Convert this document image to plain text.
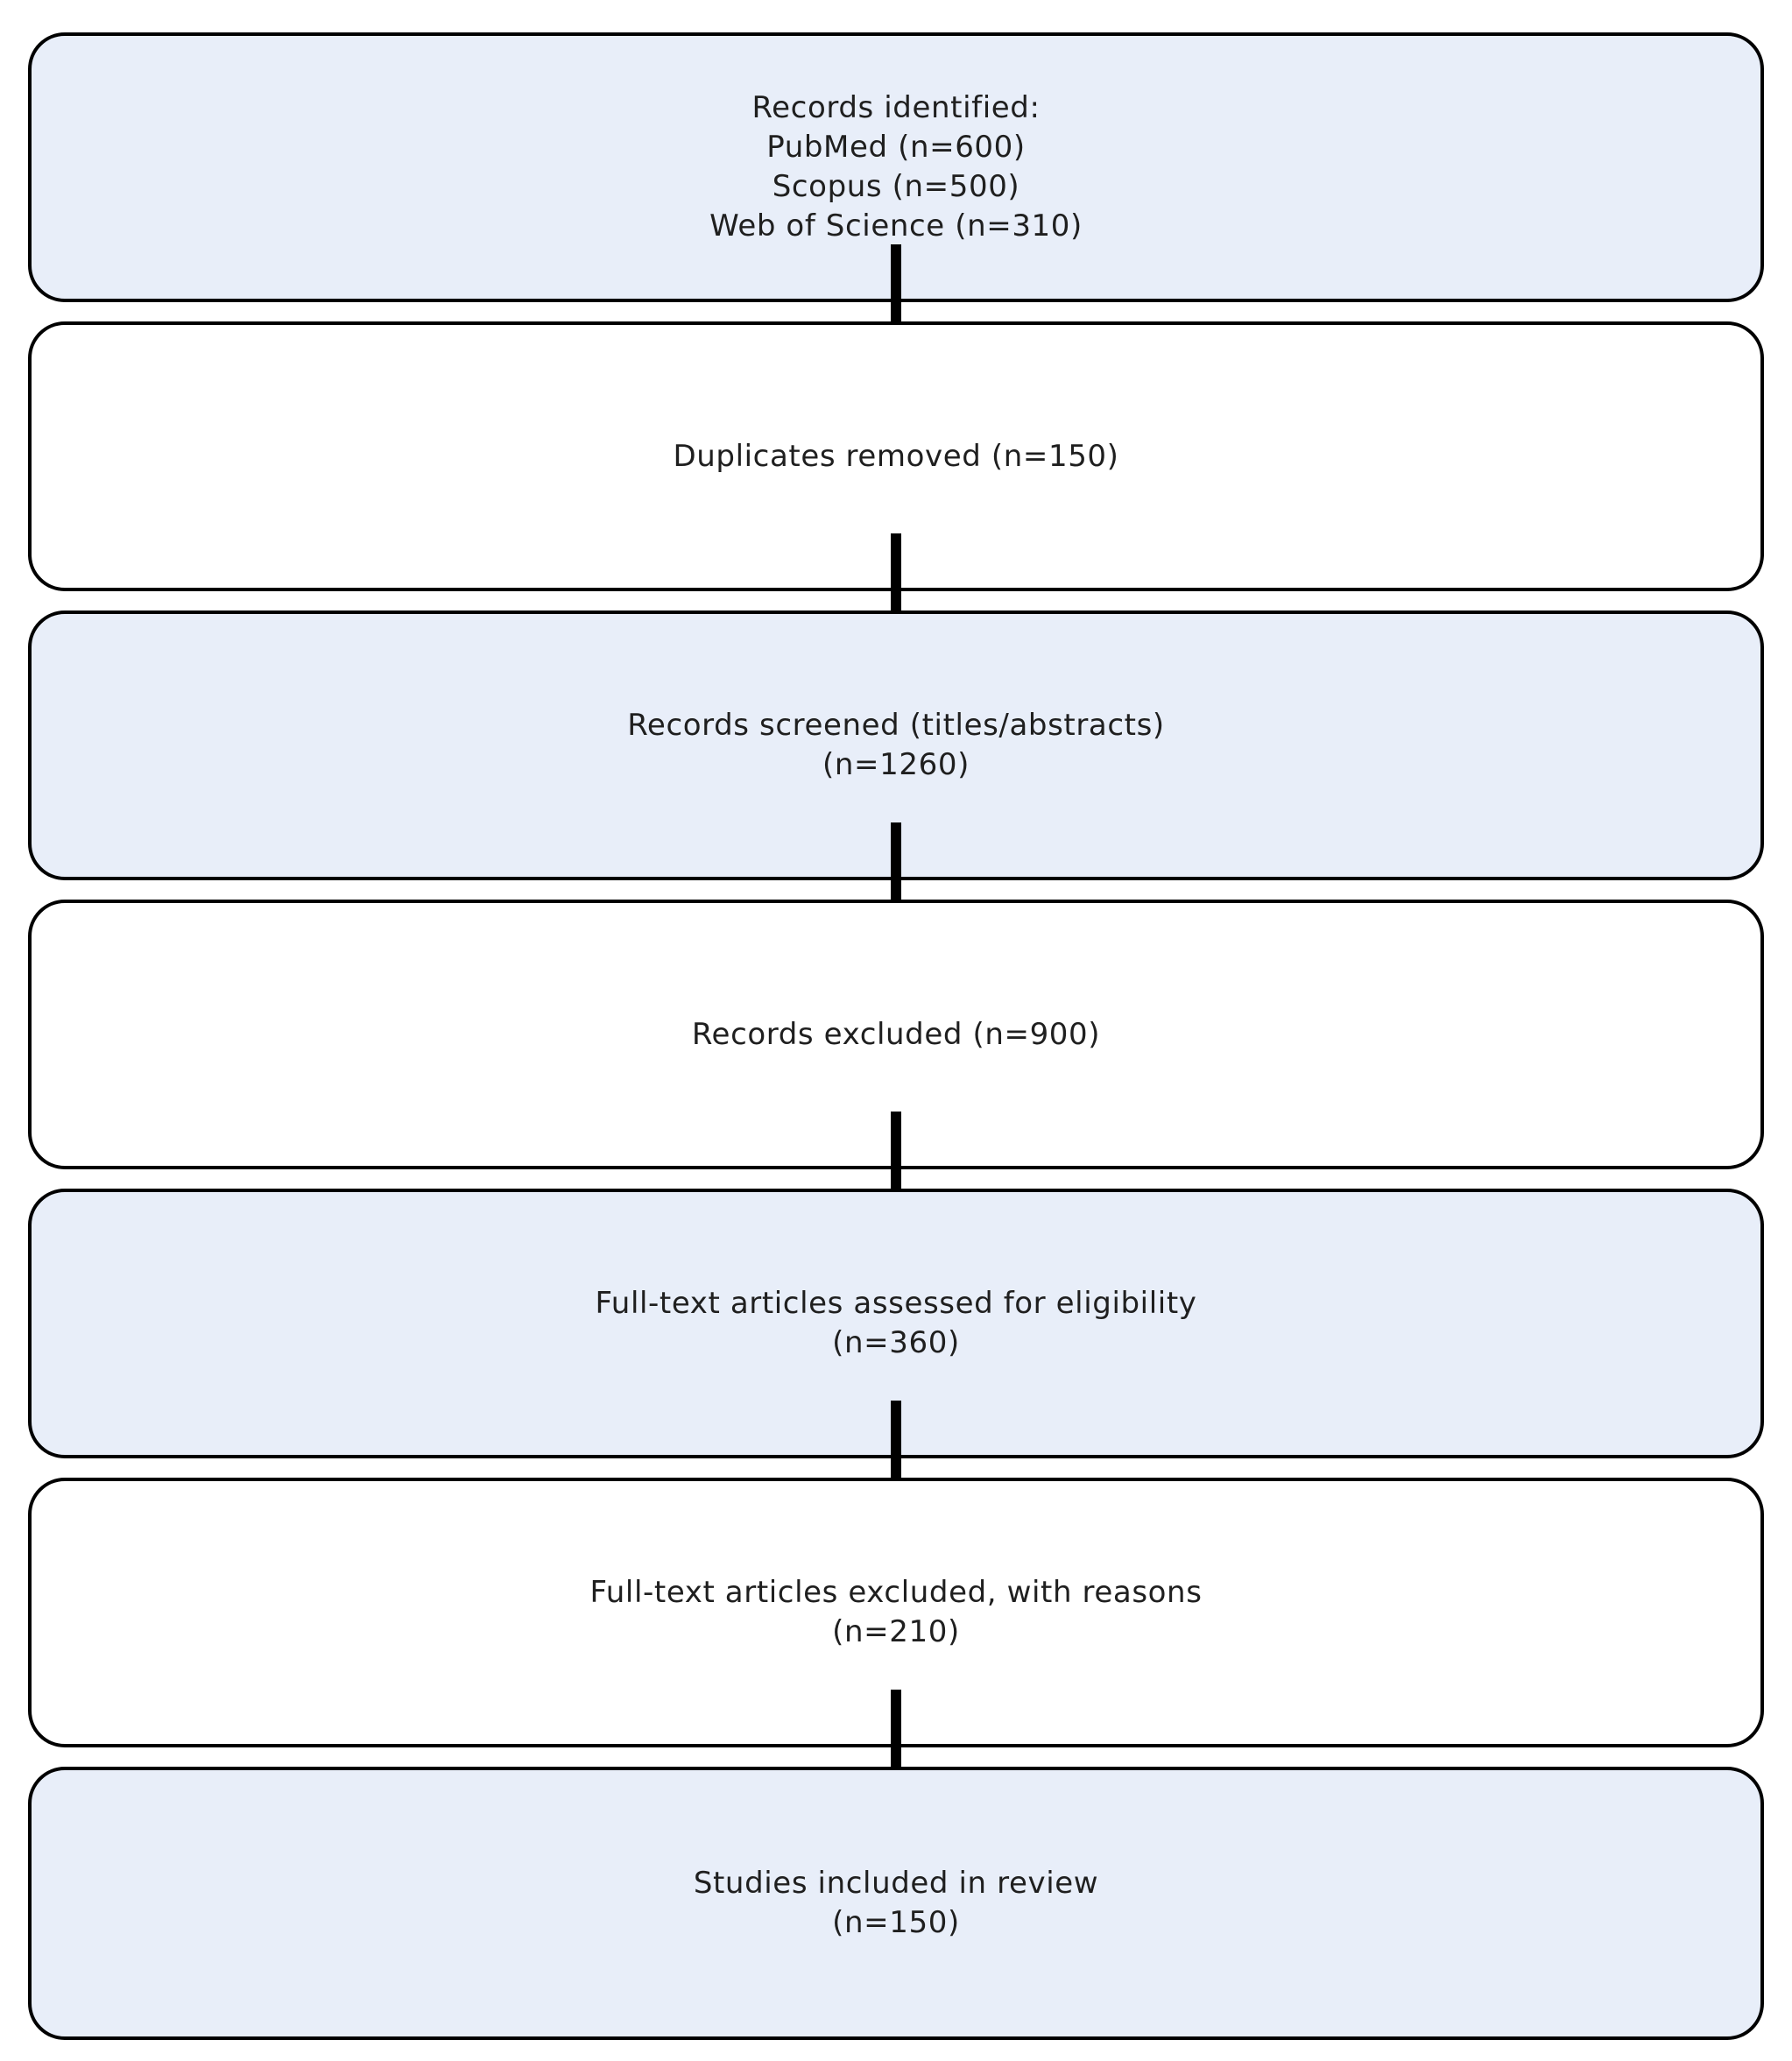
Records identified:
PubMed (n=600)
Scopus (n=500)
Web of Science (n=310)
Duplicates removed (n=150)
Records screened (titles/abstracts)
(n=1260)
Records excluded (n=900)
Full-text articles assessed for eligibility
(n=360)
Full-text articles excluded, with reasons
(n=210)
Studies included in review
(n=150)
